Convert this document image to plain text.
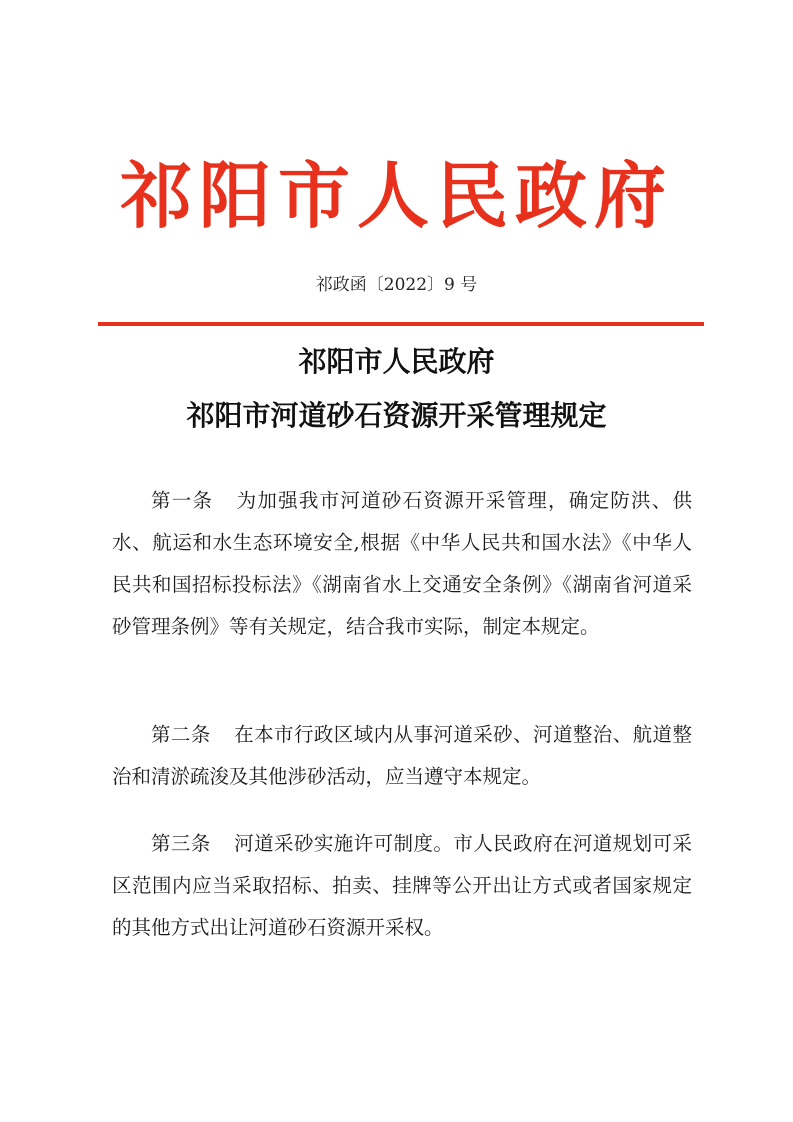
祁阳市人民政府
祁政函〔2022〕9 号
祁阳市人民政府
祁阳市河道砂石资源开采管理规定

第一条 为加强我市河道砂石资源开采管理，确定防洪、供水、航运和水生态环境安全,根据《中华人民共和国水法》《中华人民共和国招标投标法》《湖南省水上交通安全条例》《湖南省河道采砂管理条例》等有关规定，结合我市实际，制定本规定。

第二条 在本市行政区域内从事河道采砂、河道整治、航道整治和清淤疏浚及其他涉砂活动，应当遵守本规定。

第三条 河道采砂实施许可制度。市人民政府在河道规划可采区范围内应当采取招标、拍卖、挂牌等公开出让方式或者国家规定的其他方式出让河道砂石资源开采权。
